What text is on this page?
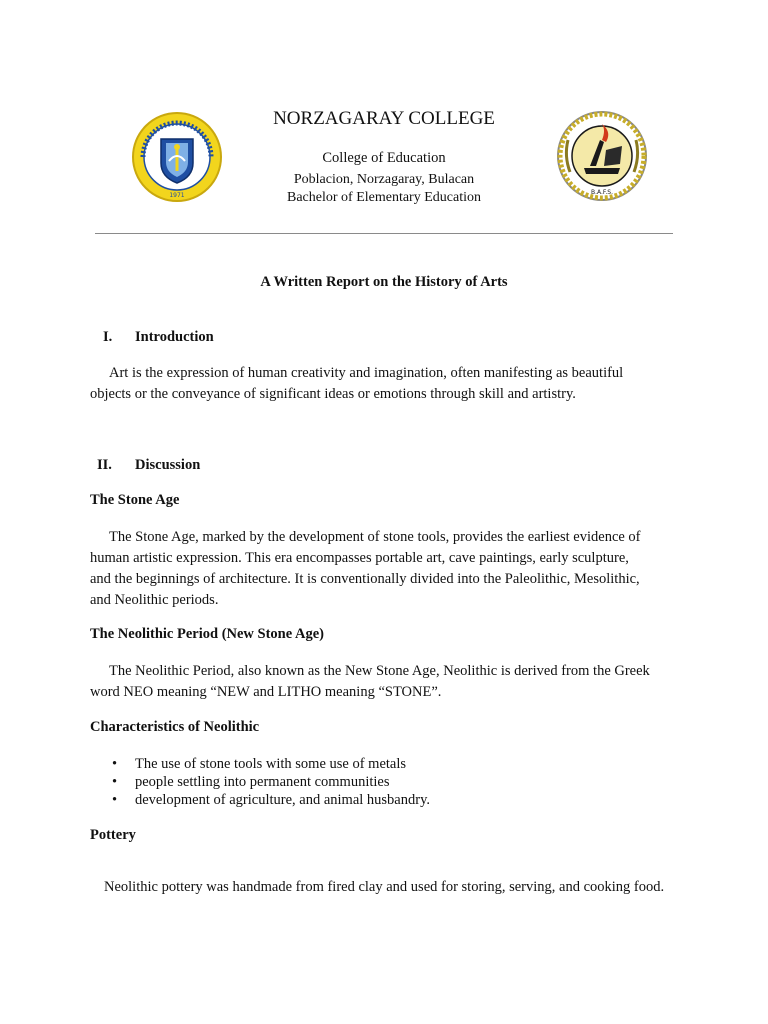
1971	B.A.F.S.
NORZAGARAY COLLEGE
College of Education
Poblacion, Norzagaray, Bulacan
Bachelor of Elementary Education
A Written Report on the History of Arts
I. Introduction
Art is the expression of human creativity and imagination, often manifesting as beautiful
objects or the conveyance of significant ideas or emotions through skill and artistry.
II. Discussion
The Stone Age
The Stone Age, marked by the development of stone tools, provides the earliest evidence of
human artistic expression. This era encompasses portable art, cave paintings, early sculpture,
and the beginnings of architecture. It is conventionally divided into the Paleolithic, Mesolithic,
and Neolithic periods.
The Neolithic Period (New Stone Age)
The Neolithic Period, also known as the New Stone Age, Neolithic is derived from the Greek
word NEO meaning “NEW and LITHO meaning “STONE”.
Characteristics of Neolithic
• The use of stone tools with some use of metals
• people settling into permanent communities
• development of agriculture, and animal husbandry.
Pottery
Neolithic pottery was handmade from fired clay and used for storing, serving, and cooking food.
